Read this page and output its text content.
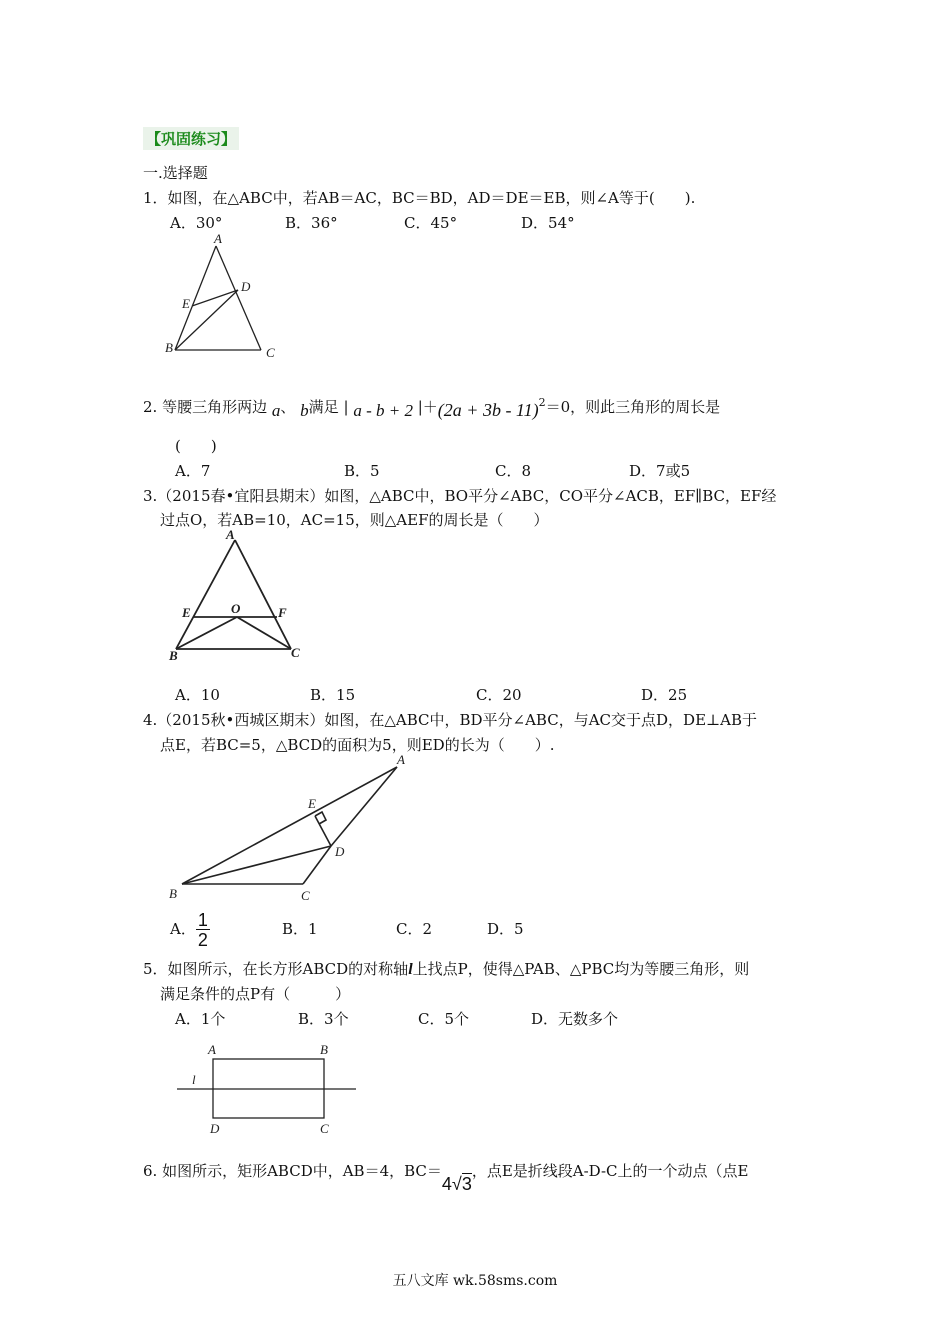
【巩固练习】
一.选择题
1．如图，在△ABC中，若AB＝AC，BC＝BD，AD＝DE＝EB，则∠A等于(　　).
A．30°	B．36°	C．45°	D．54°
A
D
E
B	C
2. 等腰三角形两边 a、 b满足 | a - b + 2 $|+(2a + 3b - 11)^2=0$，则此三角形的周长是
(　　)
A．7	B．5	C．8	D．7或5
3.（2015春•宜阳县期末）如图，△ABC中，BO平分∠ABC，CO平分∠ACB，EF∥BC，EF经
过点O，若AB=10，AC=15，则△AEF的周长是（　　）
A
E	O	F
B	C
A．10	B．15	C．20	D．25
4.（2015秋•西城区期末）如图，在△ABC中，BD平分∠ABC，与AC交于点D，DE⊥AB于
点E，若BC=5，△BCD的面积为5，则ED的长为（　　）.
A
E
D
B	C
A． $\frac{1}{2}$	B．1	C．2	D．5
5．如图所示，在长方形ABCD的对称轴l上找点P，使得△PAB、△PBC均为等腰三角形，则
满足条件的点P有（　　　）
A．1个	B．3个	C．5个	D．无数多个
A	B
l
D	C
6. 如图所示，矩形ABCD中，AB＝4，BC＝4√3，点E是折线段A-D-C上的一个动点（点E
五八文库 wk.58sms.com
